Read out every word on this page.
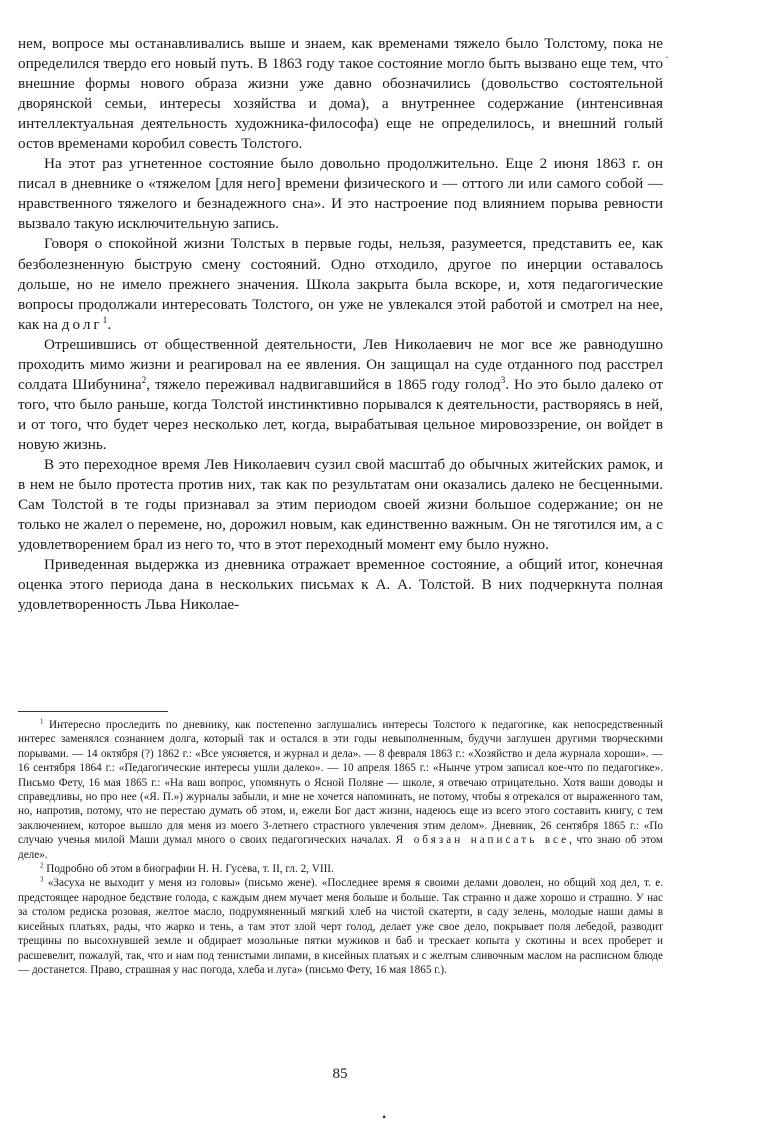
нем, вопросе мы останавливались выше и знаем, как временами тяжело было Толстому, пока не определился твердо его новый путь. В 1863 году такое состояние могло быть вызвано еще тем, что внешние формы нового образа жизни уже давно обозначились (довольство состоятельной дворянской семьи, интересы хозяйства и дома), а внутреннее содержание (интенсивная интеллектуальная деятельность художника-философа) еще не определилось, и внешний голый остов временами коробил совесть Толстого.

На этот раз угнетенное состояние было довольно продолжительно. Еще 2 июня 1863 г. он писал в дневнике о «тяжелом [для него] времени физического и — оттого ли или самого собой — нравственного тяжелого и безнадежного сна». И это настроение под влиянием порыва ревности вызвало такую исключительную запись.

Говоря о спокойной жизни Толстых в первые годы, нельзя, разумеется, представить ее, как безболезненную быструю смену состояний. Одно отходило, другое по инерции оставалось дольше, но не имело прежнего значения. Школа закрыта была вскоре, и, хотя педагогические вопросы продолжали интересовать Толстого, он уже не увлекался этой работой и смотрел на нее, как на долг$^1$.

Отрешившись от общественной деятельности, Лев Николаевич не мог все же равнодушно проходить мимо жизни и реагировал на ее явления. Он защищал на суде отданного под расстрел солдата Шибунина$^2$, тяжело переживал надвигавшийся в 1865 году голод$^3$. Но это было далеко от того, что было раньше, когда Толстой инстинктивно порывался к деятельности, растворяясь в ней, и от того, что будет через несколько лет, когда, вырабатывая цельное мировоззрение, он войдет в новую жизнь.

В это переходное время Лев Николаевич сузил свой масштаб до обычных житейских рамок, и в нем не было протеста против них, так как по результатам они оказались далеко не бесценными. Сам Толстой в те годы признавал за этим периодом своей жизни большое содержание; он не только не жалел о перемене, но, дорожил новым, как единственно важным. Он не тяготился им, а с удовлетворением брал из него то, что в этот переходный момент ему было нужно.

Приведенная выдержка из дневника отражает временное состояние, а общий итог, конечная оценка этого периода дана в нескольких письмах к А. А. Толстой. В них подчеркнута полная удовлетворенность Льва Николае-

$^1$ Интересно проследить по дневнику, как постепенно заглушались интересы Толстого к педагогике, как непосредственный интерес заменялся сознанием долга, который так и остался в эти годы невыполненным, будучи заглушен другими творческими порывами. — 14 октября (?) 1862 г.: «Все уясняется, и журнал и дела». — 8 февраля 1863 г.: «Хозяйство и дела журнала хороши». — 16 сентября 1864 г.: «Педагогические интересы ушли далеко». — 10 апреля 1865 г.: «Нынче утром записал кое-что по педагогике». Письмо Фету, 16 мая 1865 г.: «На ваш вопрос, упомянуть о Ясной Поляне — школе, я отвечаю отрицательно. Хотя ваши доводы и справедливы, но про нее («Я. П.») журналы забыли, и мне не хочется напоминать, не потому, чтобы я отрекался от выраженного там, но, напротив, потому, что не перестаю думать об этом, и, ежели Бог даст жизни, надеюсь еще из всего этого составить книгу, с тем заключением, которое вышло для меня из моего 3-летнего страстного увлечения этим делом». Дневник, 26 сентября 1865 г.: «По случаю ученья милой Маши думал много о своих педагогических началах. Я обязан написать все, что знаю об этом деле».

$^2$ Подробно об этом в биографии Н. Н. Гусева, т. II, гл. 2, VIII.

$^3$ «Засуха не выходит у меня из головы» (письмо жене). «Последнее время я своими делами доволен, но общий ход дел, т. е. предстоящее народное бедствие голода, с каждым днем мучает меня больше и больше. Так странно и даже хорошо и страшно. У нас за столом редиска розовая, желтое масло, подрумяненный мягкий хлеб на чистой скатерти, в саду зелень, молодые наши дамы в кисейных платьях, рады, что жарко и тень, а там этот злой черт голод, делает уже свое дело, покрывает поля лебедой, разводит трещины по высохнувшей земле и обдирает мозольные пятки мужиков и баб и трескает копыта у скотины и всех проберет и расшевелит, пожалуй, так, что и нам под тенистыми липами, в кисейных платьях и с желтым сливочным маслом на расписном блюде — достанется. Право, страшная у нас погода, хлеба и луга» (письмо Фету, 16 мая 1865 г.).

85
·
•
